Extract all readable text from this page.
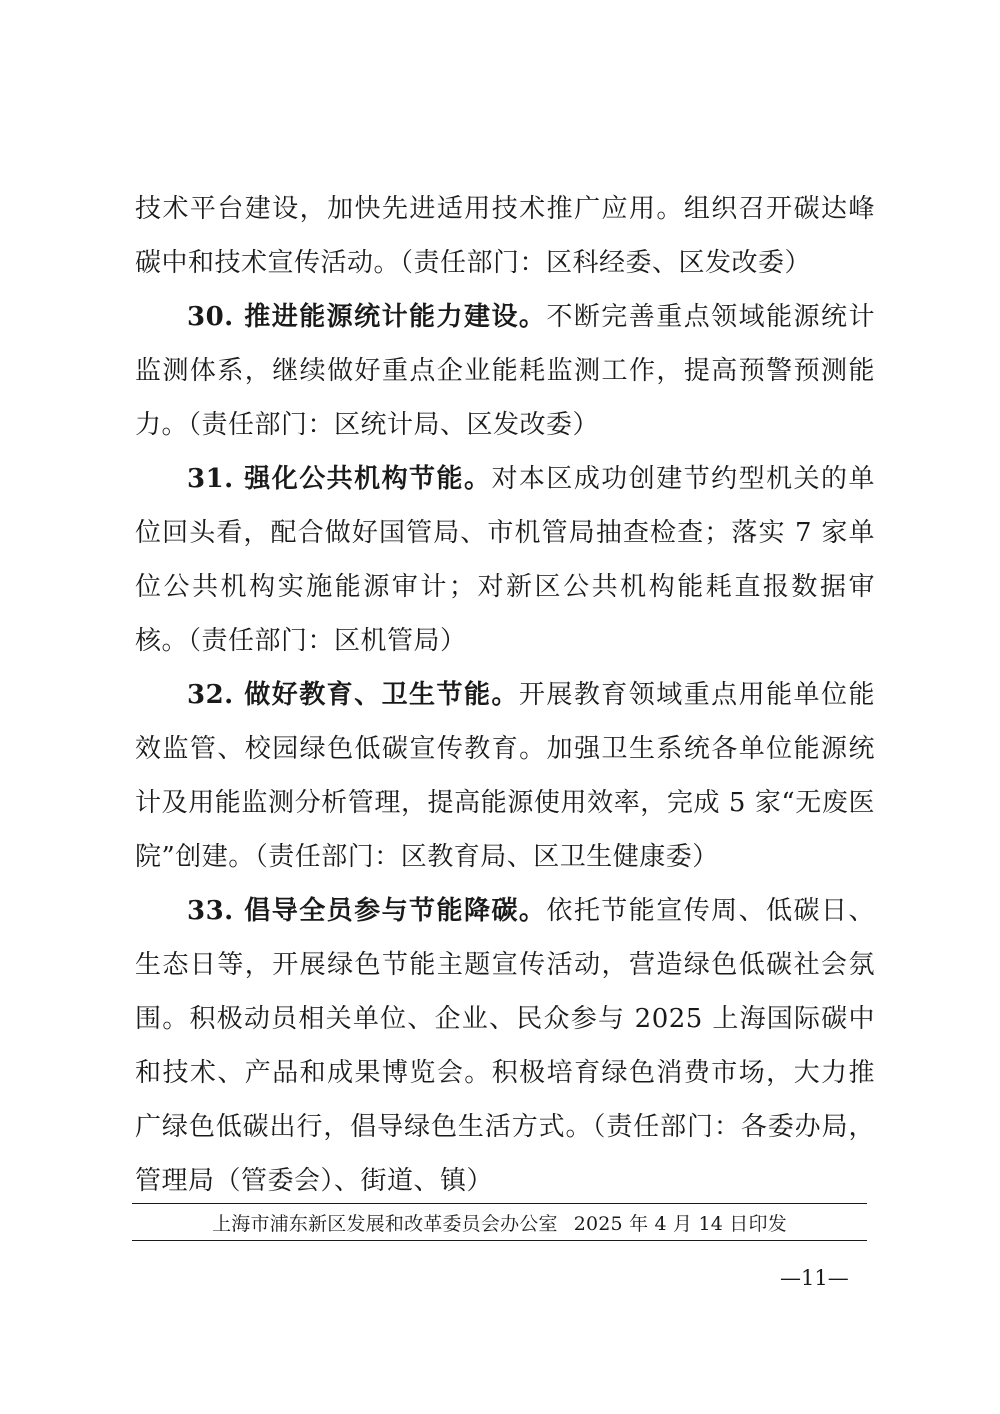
技术平台建设，加快先进适用技术推广应用。组织召开碳达峰碳中和技术宣传活动。（责任部门：区科经委、区发改委）

30. 推进能源统计能力建设。不断完善重点领域能源统计监测体系，继续做好重点企业能耗监测工作，提高预警预测能力。（责任部门：区统计局、区发改委）

31. 强化公共机构节能。对本区成功创建节约型机关的单位回头看，配合做好国管局、市机管局抽查检查；落实 7 家单位公共机构实施能源审计；对新区公共机构能耗直报数据审核。（责任部门：区机管局）

32. 做好教育、卫生节能。开展教育领域重点用能单位能效监管、校园绿色低碳宣传教育。加强卫生系统各单位能源统计及用能监测分析管理，提高能源使用效率，完成 5 家“无废医院”创建。（责任部门：区教育局、区卫生健康委）

33. 倡导全员参与节能降碳。依托节能宣传周、低碳日、生态日等，开展绿色节能主题宣传活动，营造绿色低碳社会氛围。积极动员相关单位、企业、民众参与 2025 上海国际碳中和技术、产品和成果博览会。积极培育绿色消费市场，大力推广绿色低碳出行，倡导绿色生活方式。（责任部门：各委办局，管理局（管委会）、街道、镇）

上海市浦东新区发展和改革委员会办公室 2025 年 4 月 14 日印发
—11—
